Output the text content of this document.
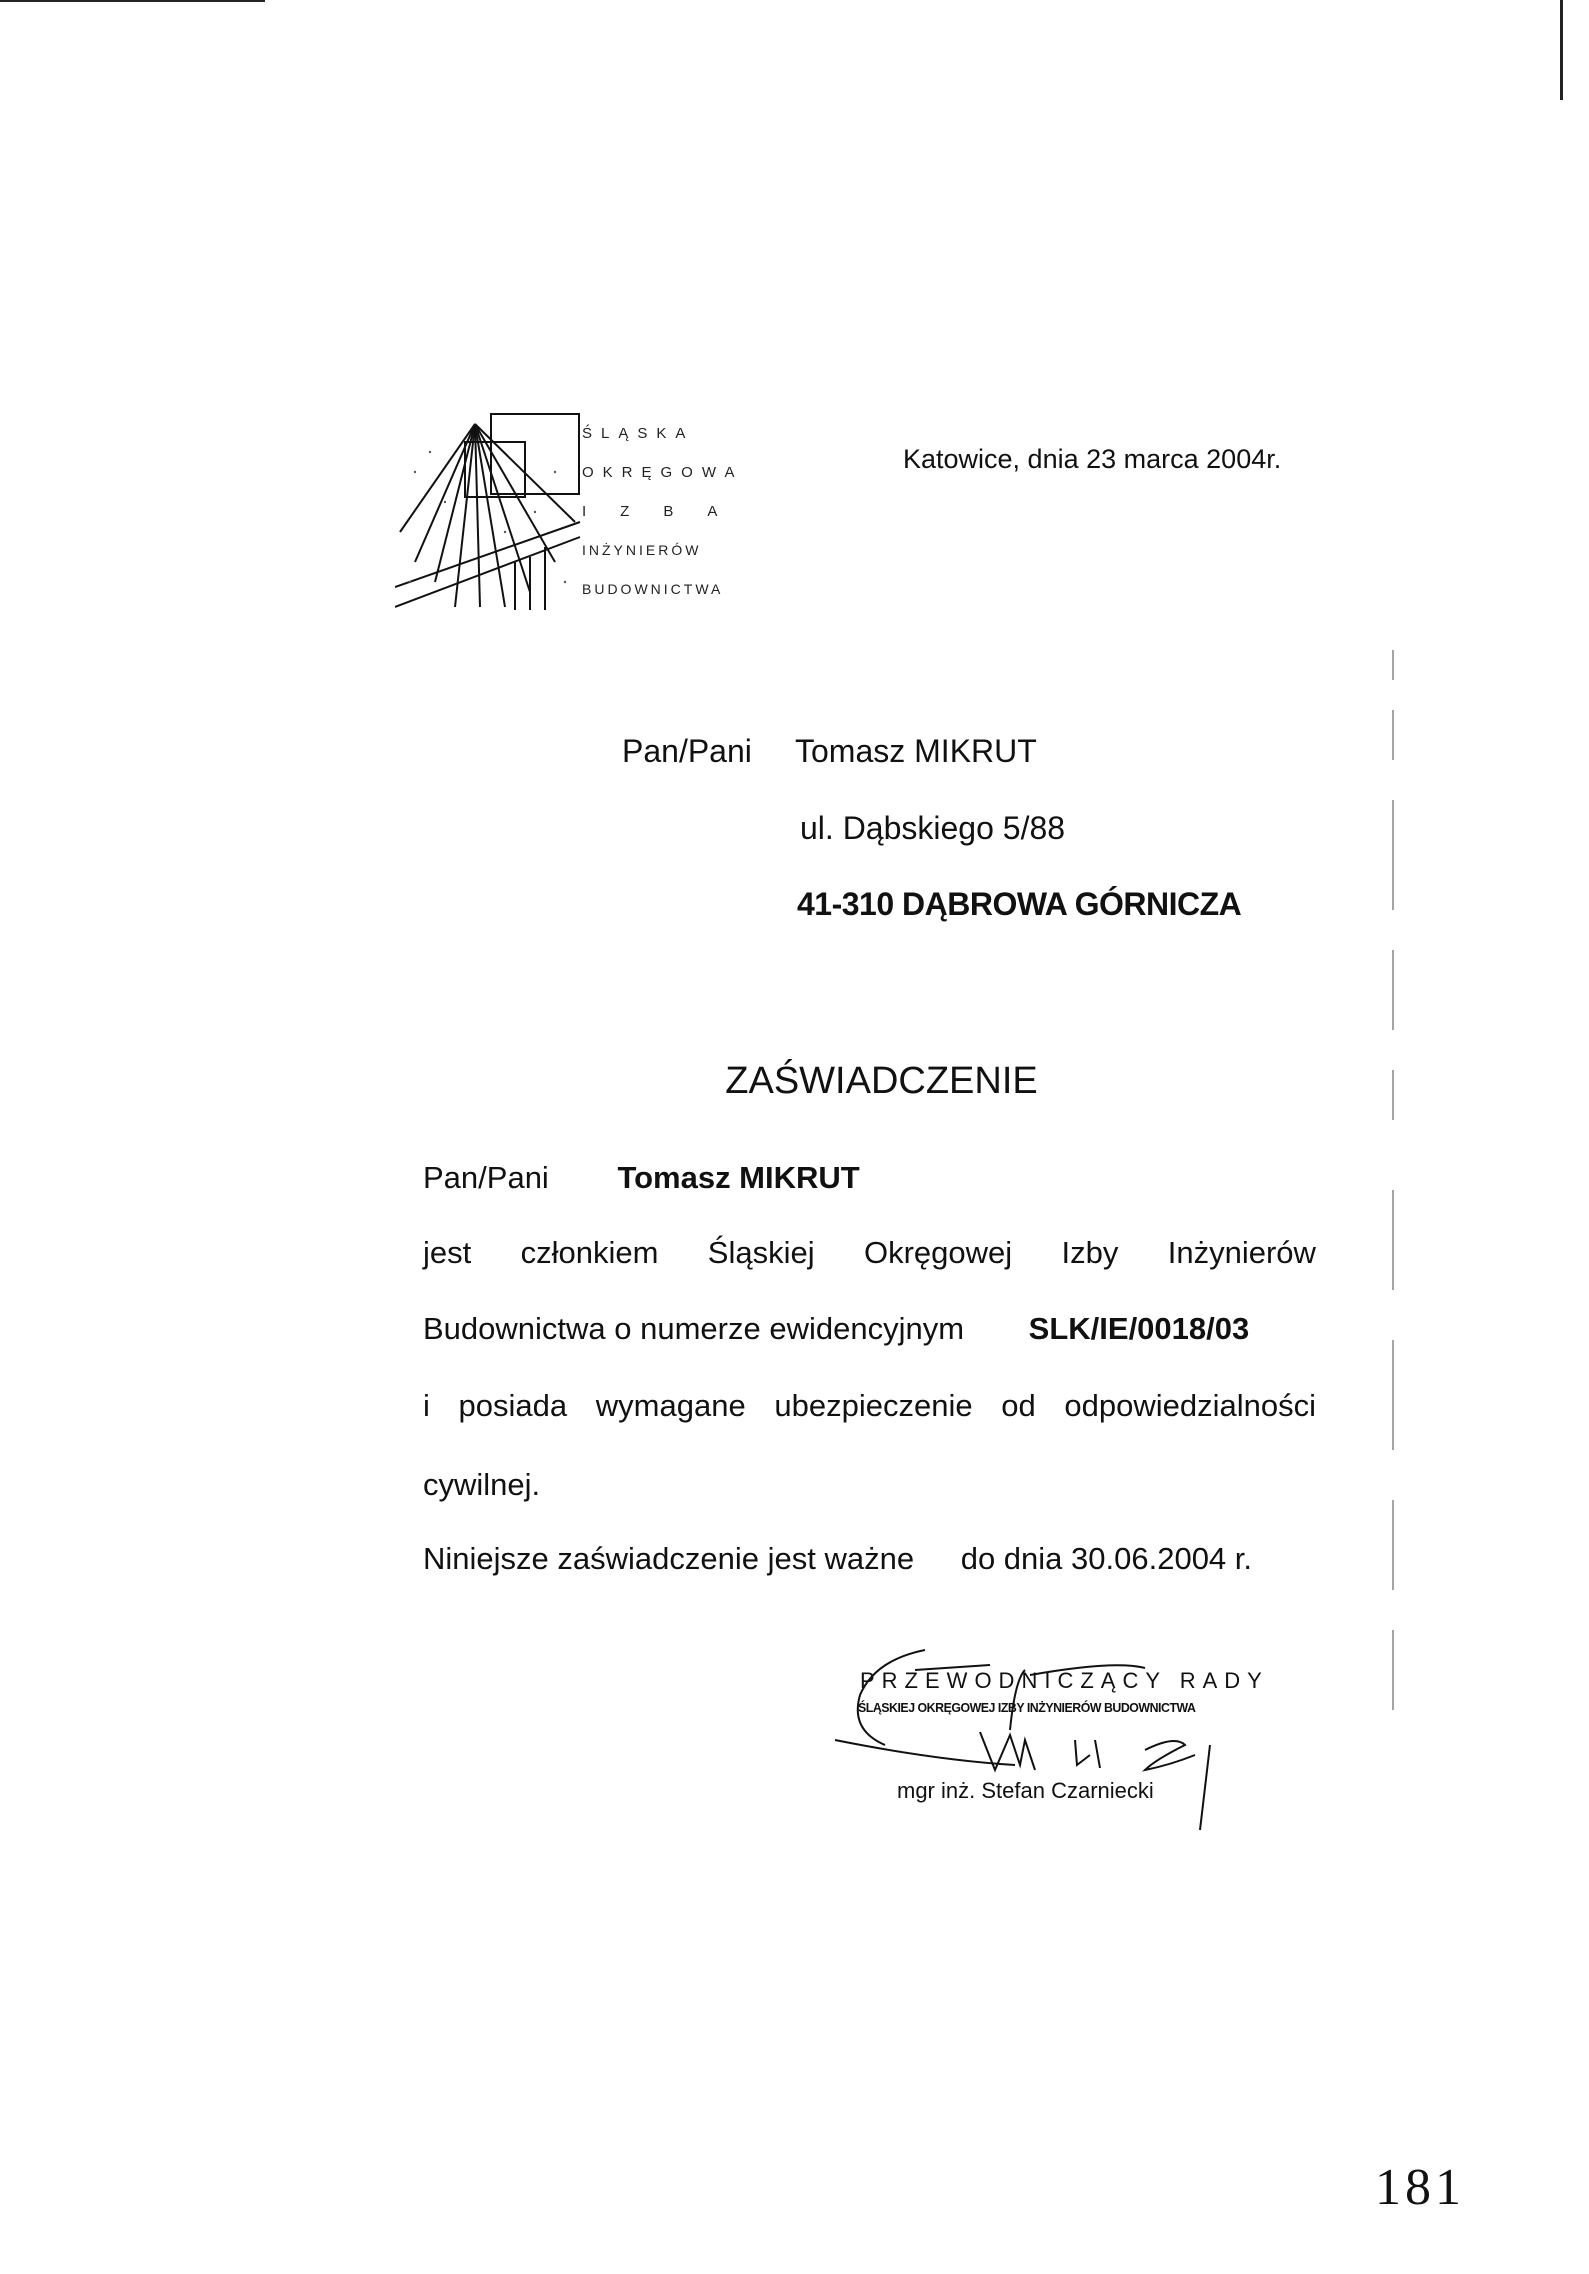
ŚLĄSKA
OKRĘGOWA
IZBA
INŻYNIERÓW
BUDOWNICTWA
Katowice, dnia 23 marca 2004r.
Pan/Pani Tomasz MIKRUT
ul. Dąbskiego 5/88
41-310 DĄBROWA GÓRNICZA
ZAŚWIADCZENIE
Pan/Pani Tomasz MIKRUT
jest członkiem Śląskiej Okręgowej Izby Inżynierów
Budownictwa o numerze ewidencyjnym SLK/IE/0018/03
i posiada wymagane ubezpieczenie od odpowiedzialności
cywilnej.
Niniejsze zaświadczenie jest ważne do dnia 30.06.2004 r.
PRZEWODNICZĄCY RADY
ŚLĄSKIEJ OKRĘGOWEJ IZBY INŻYNIERÓW BUDOWNICTWA
mgr inż. Stefan Czarniecki
181
